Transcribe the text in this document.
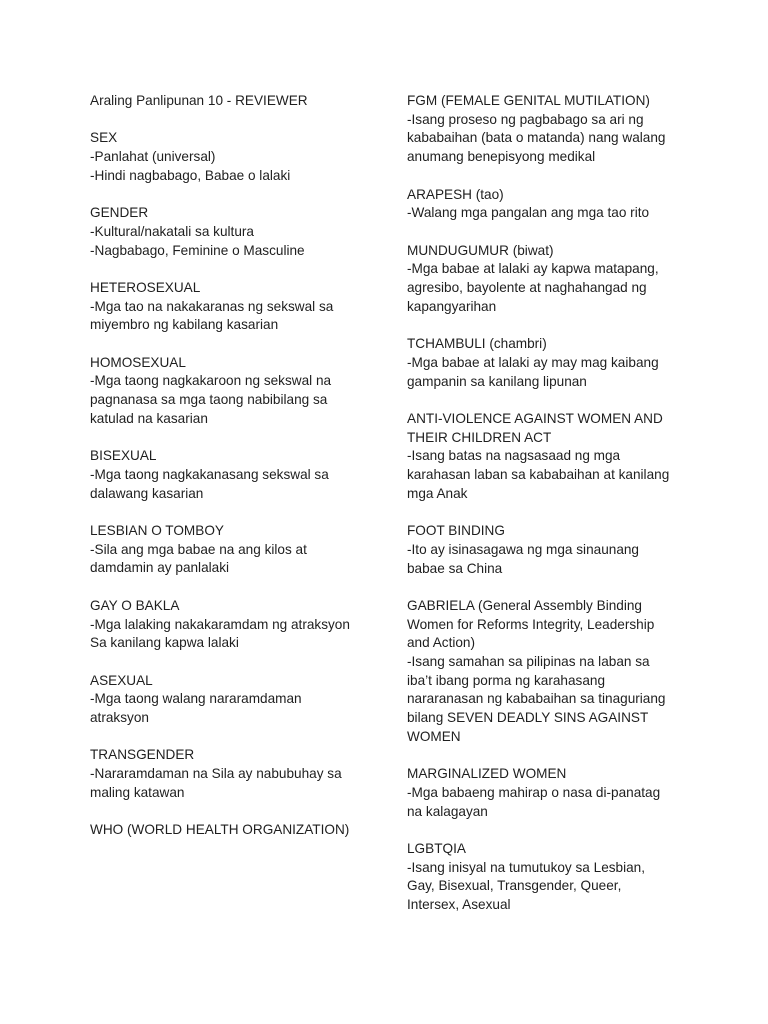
Araling Panlipunan 10 - REVIEWER

SEX

-Panlahat (universal)

-Hindi nagbabago, Babae o lalaki

GENDER

-Kultural/nakatali sa kultura

-Nagbabago, Feminine o Masculine

HETEROSEXUAL

-Mga tao na nakakaranas ng sekswal sa

miyembro ng kabilang kasarian

HOMOSEXUAL

-Mga taong nagkakaroon ng sekswal na

pagnanasa sa mga taong nabibilang sa

katulad na kasarian

BISEXUAL

-Mga taong nagkakanasang sekswal sa

dalawang kasarian

LESBIAN O TOMBOY

-Sila ang mga babae na ang kilos at

damdamin ay panlalaki

GAY O BAKLA

-Mga lalaking nakakaramdam ng atraksyon

Sa kanilang kapwa lalaki

ASEXUAL

-Mga taong walang nararamdaman

atraksyon

TRANSGENDER

-Nararamdaman na Sila ay nabubuhay sa

maling katawan

WHO (WORLD HEALTH ORGANIZATION)

FGM (FEMALE GENITAL MUTILATION)

-Isang proseso ng pagbabago sa ari ng

kababaihan (bata o matanda) nang walang

anumang benepisyong medikal

ARAPESH (tao)

-Walang mga pangalan ang mga tao rito

MUNDUGUMUR (biwat)

-Mga babae at lalaki ay kapwa matapang,

agresibo, bayolente at naghahangad ng

kapangyarihan

TCHAMBULI (chambri)

-Mga babae at lalaki ay may mag kaibang

gampanin sa kanilang lipunan

ANTI-VIOLENCE AGAINST WOMEN AND

THEIR CHILDREN ACT

-Isang batas na nagsasaad ng mga

karahasan laban sa kababaihan at kanilang

mga Anak

FOOT BINDING

-Ito ay isinasagawa ng mga sinaunang

babae sa China

GABRIELA (General Assembly Binding

Women for Reforms Integrity, Leadership

and Action)

-Isang samahan sa pilipinas na laban sa

iba’t ibang porma ng karahasang

nararanasan ng kababaihan sa tinaguriang

bilang SEVEN DEADLY SINS AGAINST

WOMEN

MARGINALIZED WOMEN

-Mga babaeng mahirap o nasa di-panatag

na kalagayan

LGBTQIA

-Isang inisyal na tumutukoy sa Lesbian,

Gay, Bisexual, Transgender, Queer,

Intersex, Asexual
